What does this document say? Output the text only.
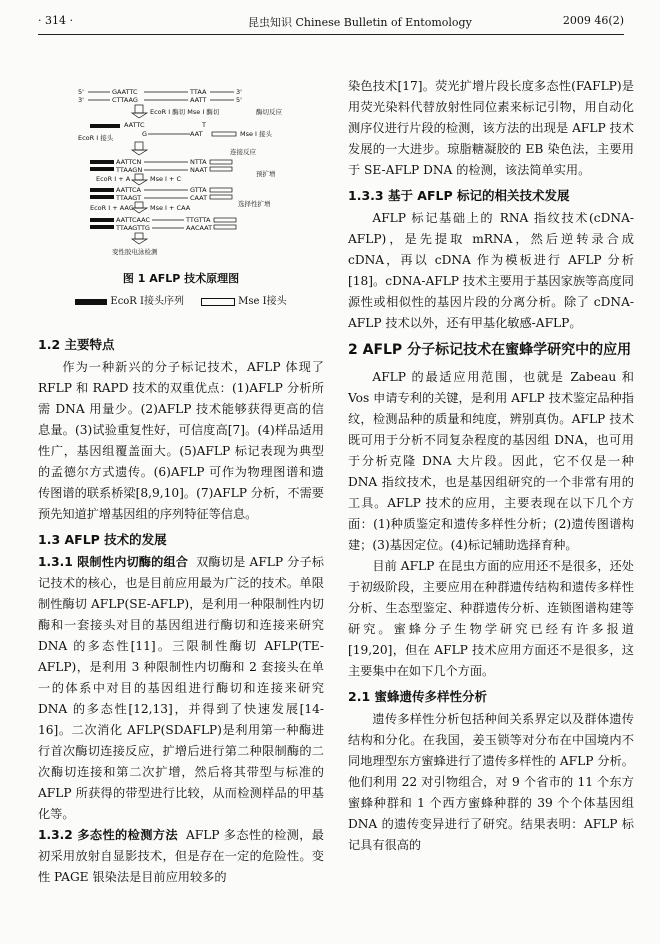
· 314 ·	昆虫知识 Chinese Bulletin of Entomology	2009 46(2)
5'
3'
GAATTC
CTTAAG
TTAA
AATT
3'
5'
EcoR I 酶切 Mse I 酶切	酶切反应
AATTC	T
EcoR I 接头	G	AAT	Mse I 接头
连接反应
AATTCN
TTAAGN
NTTA
NAAT
EcoR I + A	Mse I + C
预扩增
AATTCA
TTAAGT
GTTA
CAAT
EcoR I + AAC	Mse I + CAA	选择性扩增
AATTCAAC
TTAAGTTG
TTGTTA
AACAAT
变性胶电泳检测
图 1 AFLP 技术原理图
EcoR Ⅰ接头序列	Mse Ⅰ接头
1.2 主要特点

作为一种新兴的分子标记技术，AFLP 体现了 RFLP 和 RAPD 技术的双重优点：(1)AFLP 分析所需 DNA 用量少。(2)AFLP 技术能够获得更高的信息量。(3)试验重复性好，可信度高[7]。(4)样品适用性广，基因组覆盖面大。(5)AFLP 标记表现为典型的孟德尔方式遗传。(6)AFLP 可作为物理图谱和遗传图谱的联系桥梁[8,9,10]。(7)AFLP 分析，不需要预先知道扩增基因组的序列特征等信息。

1.3 AFLP 技术的发展

1.3.1 限制性内切酶的组合 双酶切是 AFLP 分子标记技术的核心，也是目前应用最为广泛的技术。单限制性酶切 AFLP(SE-AFLP)，是利用一种限制性内切酶和一套接头对目的基因组进行酶切和连接来研究 DNA 的多态性[11]。三限制性酶切 AFLP(TE-AFLP)，是利用 3 种限制性内切酶和 2 套接头在单一的体系中对目的基因组进行酶切和连接来研究 DNA 的多态性[12,13]，并得到了快速发展[14-16]。二次消化 AFLP(SDAFLP)是利用第一种酶进行首次酶切连接反应，扩增后进行第二种限制酶的二次酶切连接和第二次扩增，然后将其带型与标准的 AFLP 所获得的带型进行比较，从而检测样品的甲基化等。

1.3.2 多态性的检测方法 AFLP 多态性的检测，最初采用放射自显影技术，但是存在一定的危险性。变性 PAGE 银染法是目前应用较多的

染色技术[17]。荧光扩增片段长度多态性(FAFLP)是用荧光染料代替放射性同位素来标记引物，用自动化测序仪进行片段的检测，该方法的出现是 AFLP 技术发展的一大进步。琼脂糖凝胶的 EB 染色法，主要用于 SE-AFLP DNA 的检测，该法简单实用。

1.3.3 基于 AFLP 标记的相关技术发展

AFLP 标记基础上的 RNA 指纹技术(cDNA-AFLP)，是先提取 mRNA，然后逆转录合成 cDNA，再以 cDNA 作为模板进行 AFLP 分析[18]。cDNA-AFLP 技术主要用于基因家族等高度同源性或相似性的基因片段的分离分析。除了 cDNA-AFLP 技术以外，还有甲基化敏感-AFLP。

2 AFLP 分子标记技术在蜜蜂学研究中的应用

AFLP 的最适应用范围，也就是 Zabeau 和 Vos 申请专利的关键，是利用 AFLP 技术鉴定品种指纹，检测品种的质量和纯度，辨别真伪。AFLP 技术既可用于分析不同复杂程度的基因组 DNA，也可用于分析克隆 DNA 大片段。因此，它不仅是一种 DNA 指纹技术，也是基因组研究的一个非常有用的工具。AFLP 技术的应用，主要表现在以下几个方面：(1)种质鉴定和遗传多样性分析；(2)遗传图谱构建；(3)基因定位。(4)标记辅助选择育种。

目前 AFLP 在昆虫方面的应用还不是很多，还处于初级阶段，主要应用在种群遗传结构和遗传多样性分析、生态型鉴定、种群遗传分析、连锁图谱构建等研究。蜜蜂分子生物学研究已经有许多报道[19,20]，但在 AFLP 技术应用方面还不是很多，这主要集中在如下几个方面。

2.1 蜜蜂遗传多样性分析

遗传多样性分析包括种间关系界定以及群体遗传结构和分化。在我国，姜玉锁等对分布在中国境内不同地理型东方蜜蜂进行了遗传多样性的 AFLP 分析。他们利用 22 对引物组合，对 9 个省市的 11 个东方蜜蜂种群和 1 个西方蜜蜂种群的 39 个个体基因组 DNA 的遗传变异进行了研究。结果表明：AFLP 标记具有很高的
